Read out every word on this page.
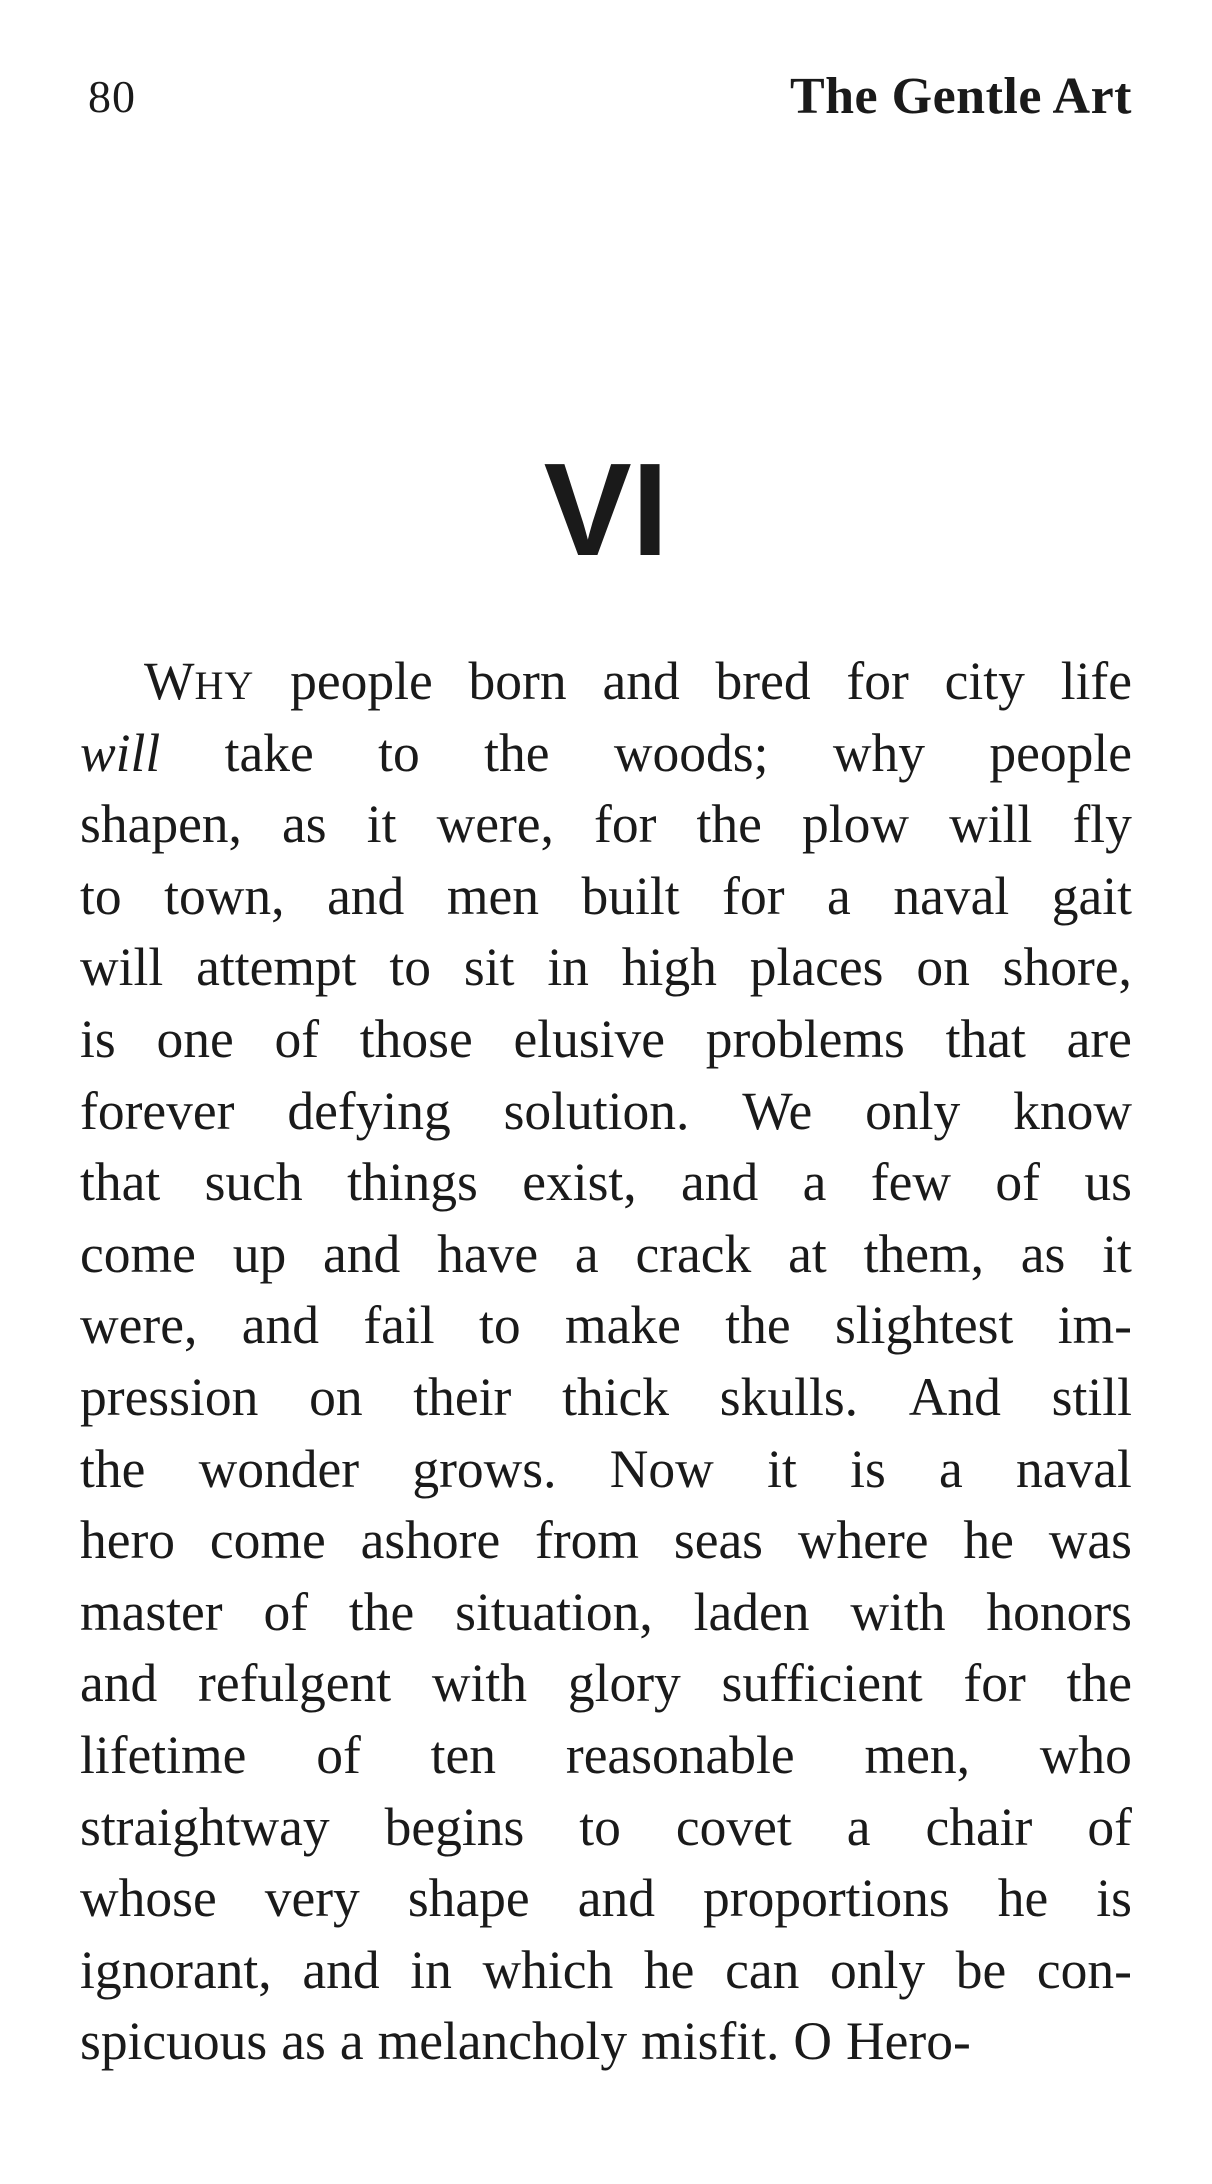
80	The Gentle Art
VI
WHY people born and bred for city life
will take to the woods; why people
shapen, as it were, for the plow will fly
to town, and men built for a naval gait
will attempt to sit in high places on shore,
is one of those elusive problems that are
forever defying solution. We only know
that such things exist, and a few of us
come up and have a crack at them, as it
were, and fail to make the slightest im-
pression on their thick skulls. And still
the wonder grows. Now it is a naval
hero come ashore from seas where he was
master of the situation, laden with honors
and refulgent with glory sufficient for the
lifetime of ten reasonable men, who
straightway begins to covet a chair of
whose very shape and proportions he is
ignorant, and in which he can only be con-
spicuous as a melancholy misfit. O Hero-
